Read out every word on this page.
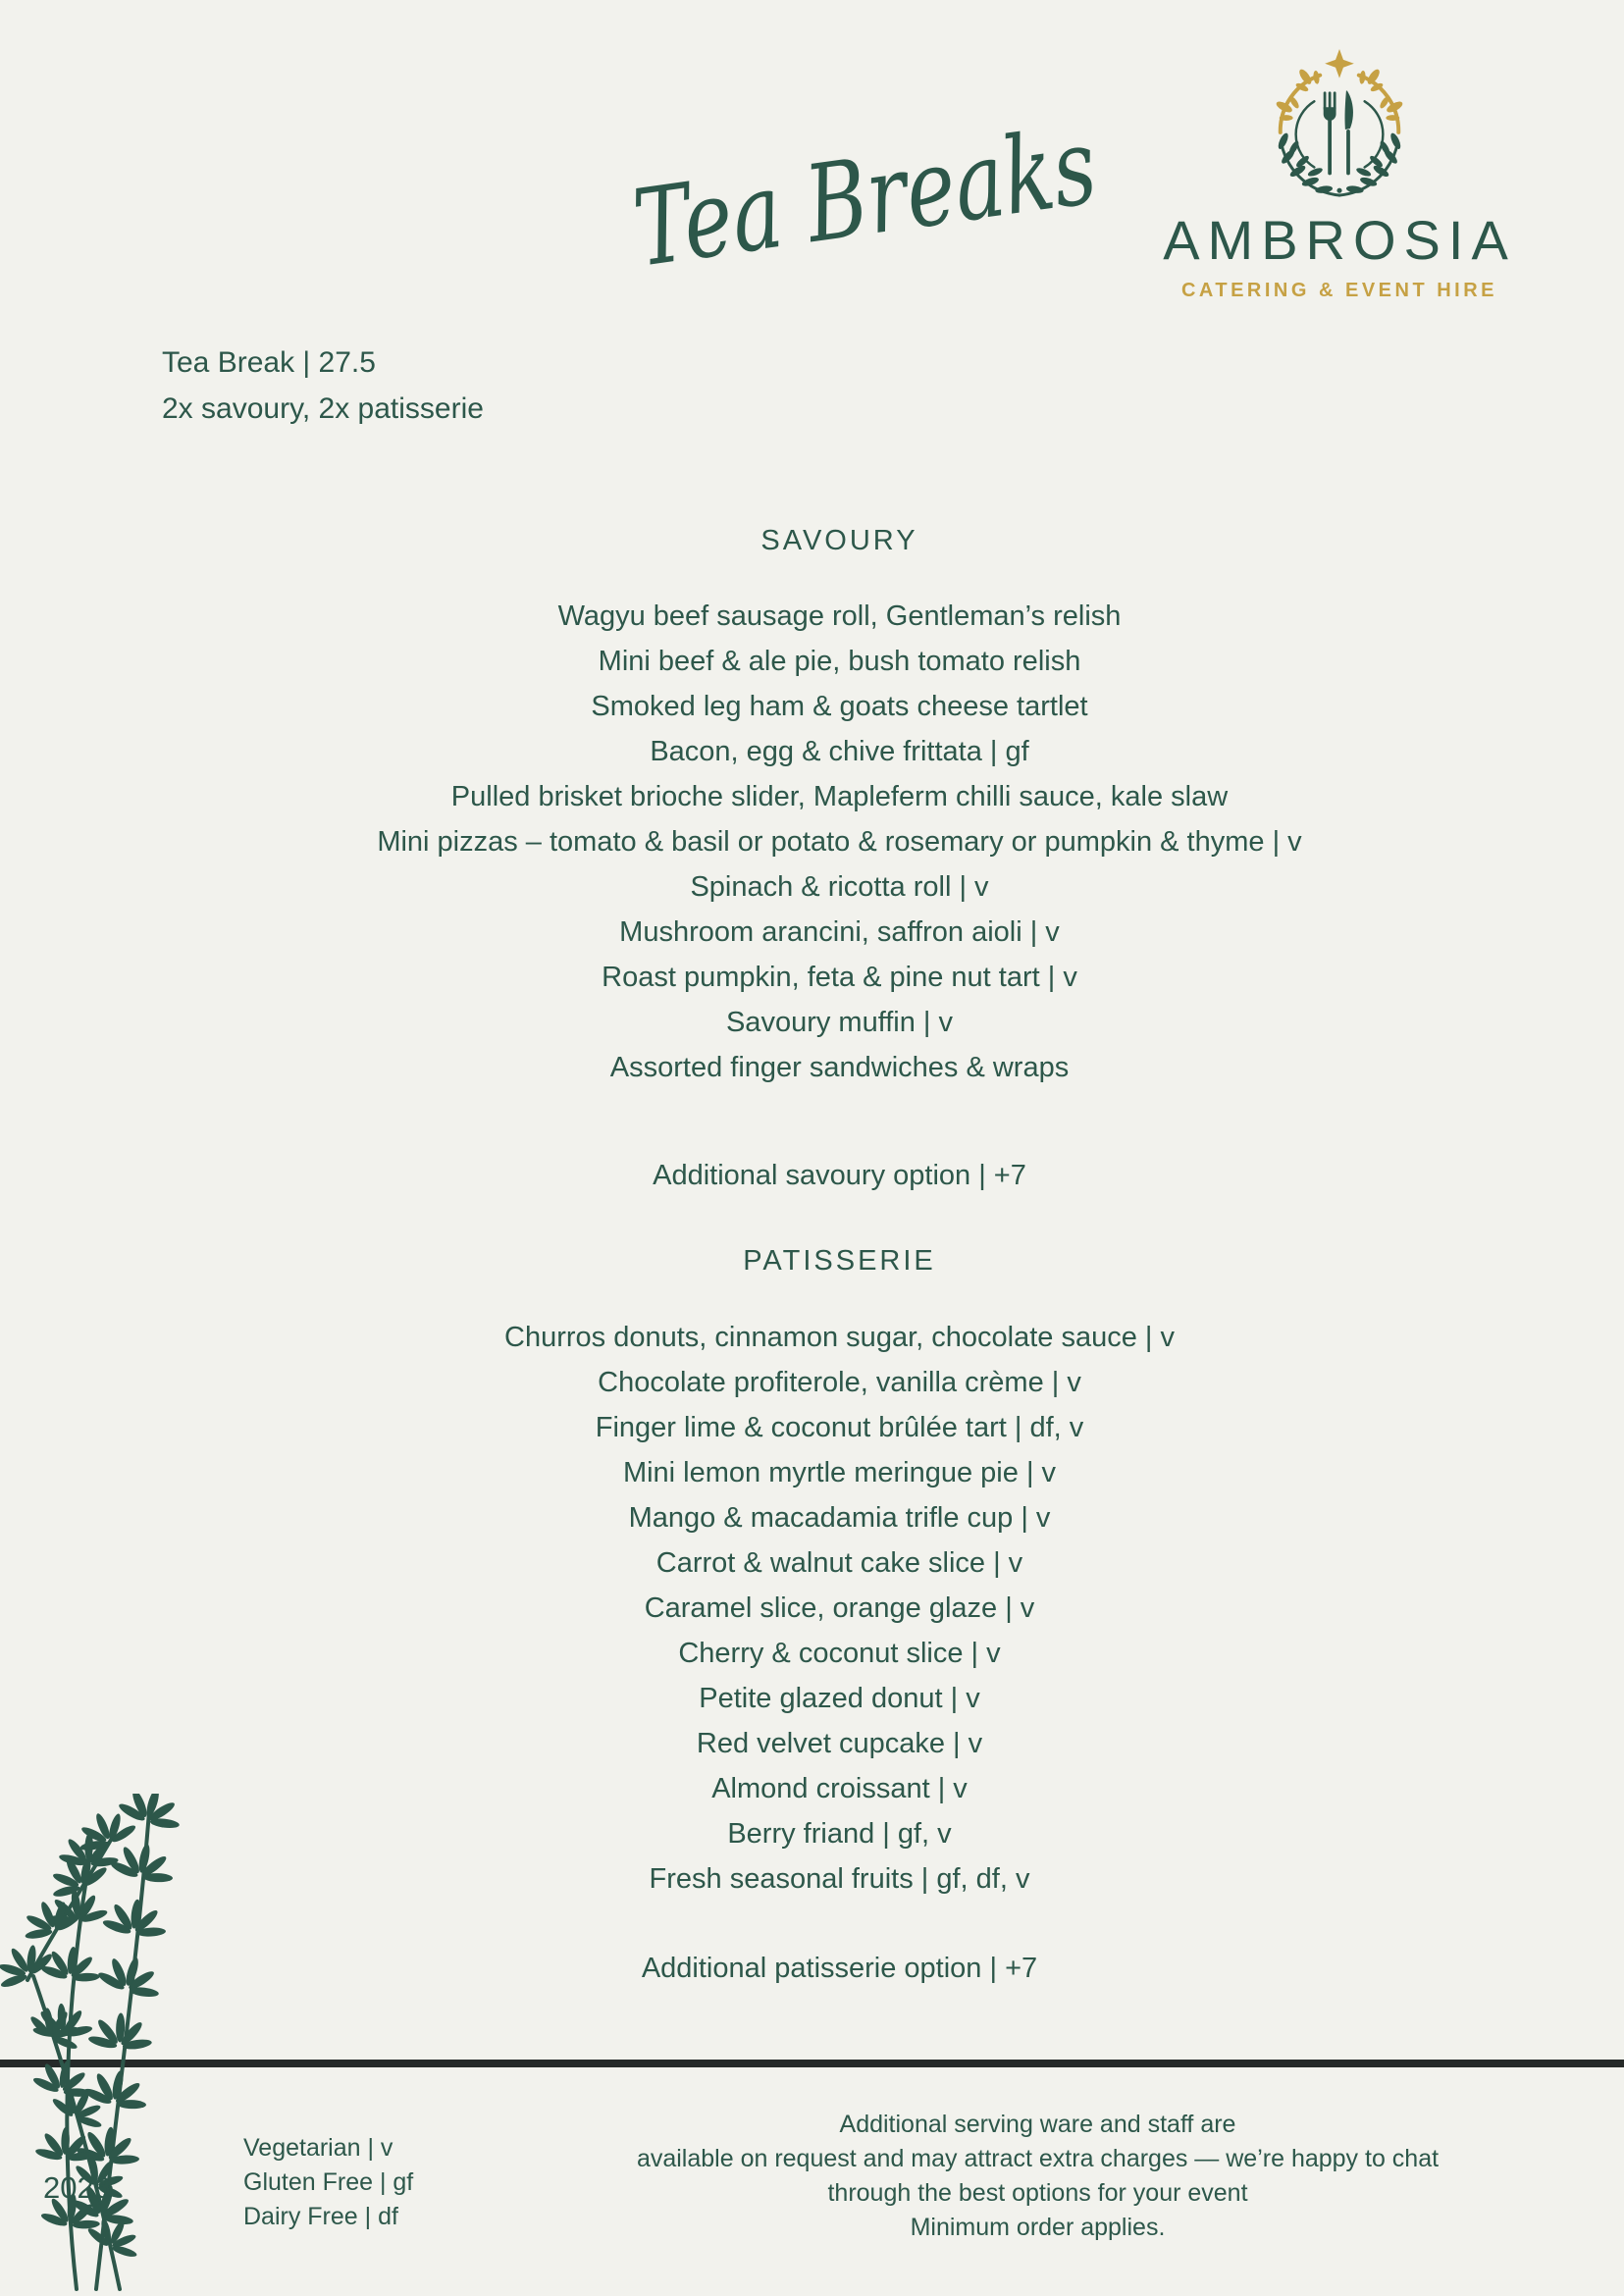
Tea Breaks	AMBROSIA
CATERING & EVENT HIRE
Tea Break | 27.5
2x savoury, 2x patisserie
SAVOURY
Wagyu beef sausage roll, Gentleman’s relish
Mini beef & ale pie, bush tomato relish
Smoked leg ham & goats cheese tartlet
Bacon, egg & chive frittata | gf
Pulled brisket brioche slider, Mapleferm chilli sauce, kale slaw
Mini pizzas – tomato & basil or potato & rosemary or pumpkin & thyme | v
Spinach & ricotta roll | v
Mushroom arancini, saffron aioli | v
Roast pumpkin, feta & pine nut tart | v
Savoury muffin | v
Assorted finger sandwiches & wraps
Additional savoury option | +7
PATISSERIE
Churros donuts, cinnamon sugar, chocolate sauce | v
Chocolate profiterole, vanilla crème | v
Finger lime & coconut brûlée tart | df, v
Mini lemon myrtle meringue pie | v
Mango & macadamia trifle cup | v
Carrot & walnut cake slice | v
Caramel slice, orange glaze | v
Cherry & coconut slice | v
Petite glazed donut | v
Red velvet cupcake | v
Almond croissant | v
Berry friand | gf, v
Fresh seasonal fruits | gf, df, v
Additional patisserie option | +7
2026
Vegetarian | v
Gluten Free | gf
Dairy Free | df
Additional serving ware and staff are
available on request and may attract extra charges — we’re happy to chat
through the best options for your event
Minimum order applies.
